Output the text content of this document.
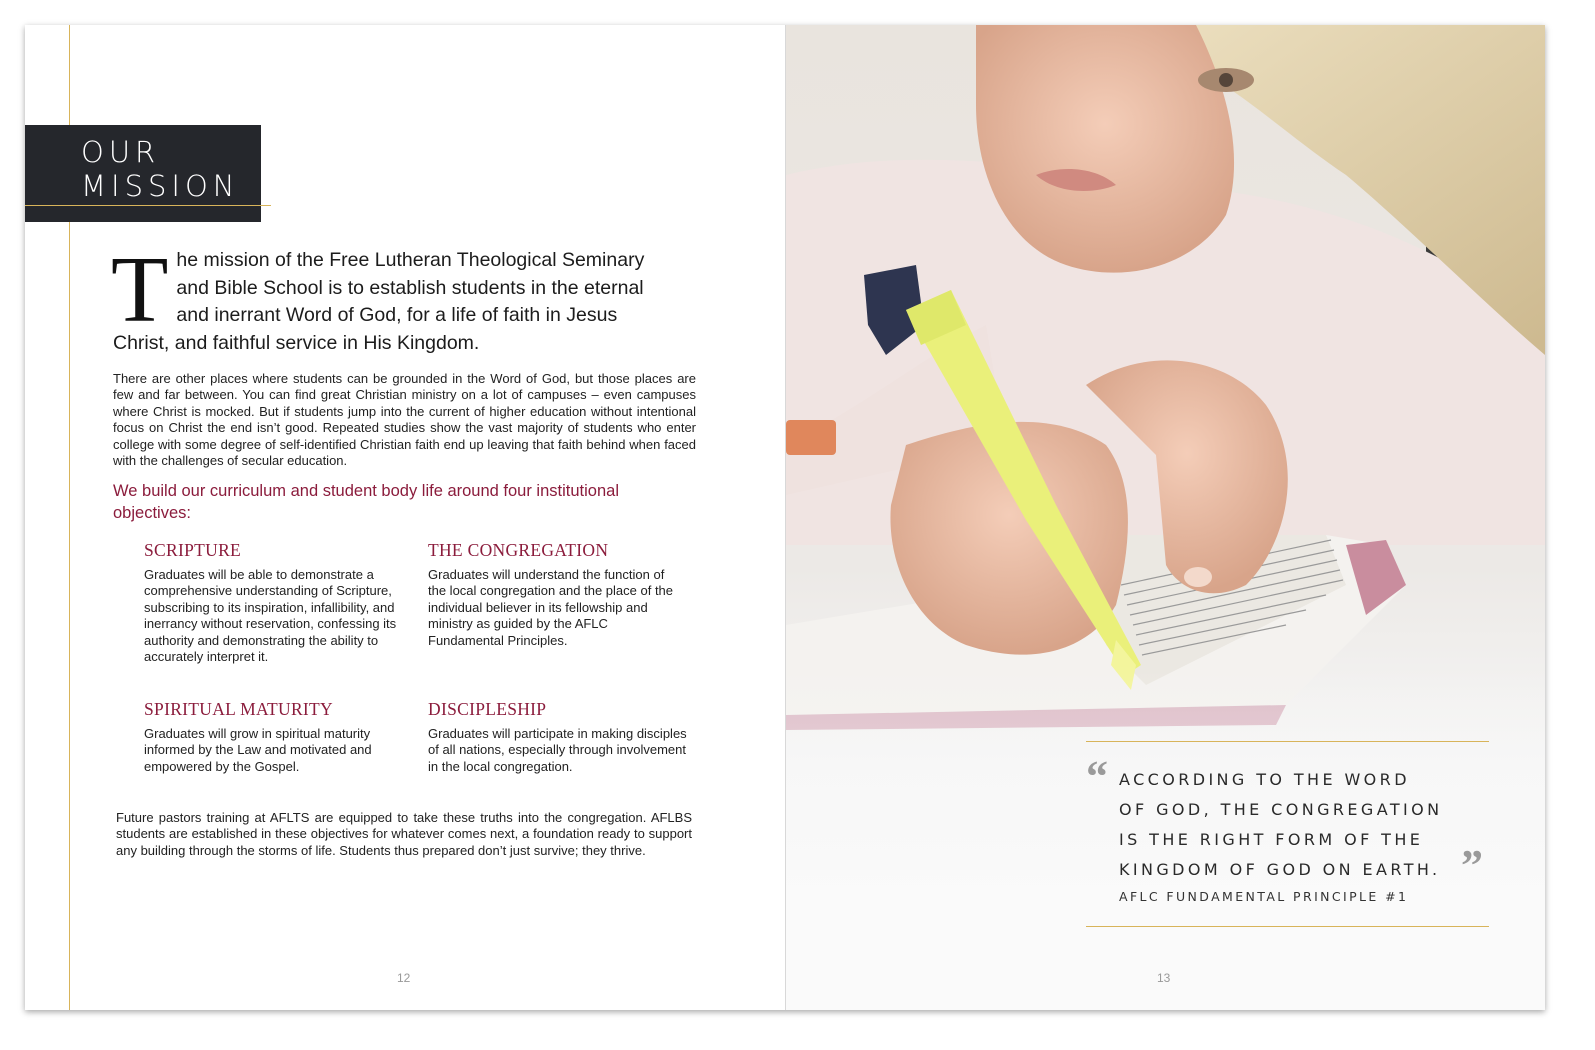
OUR
MISSION
The mission of the Free Lutheran Theological Seminary and Bible School is to establish students in the eternal and inerrant Word of God, for a life of faith in Jesus Christ, and faithful service in His Kingdom.

There are other places where students can be grounded in the Word of God, but those places are few and far between. You can find great Christian ministry on a lot of campuses – even campuses where Christ is mocked. But if students jump into the current of higher education without intentional focus on Christ the end isn’t good. Repeated studies show the vast majority of students who enter college with some degree of self-identified Christian faith end up leaving that faith behind when faced with the challenges of secular education.

We build our curriculum and student body life around four institutional objectives:
SCRIPTURE
Graduates will be able to demonstrate a comprehensive understanding of Scripture, subscribing to its inspiration, infallibility, and inerrancy without reservation, confessing its authority and demonstrating the ability to accurately interpret it.
THE CONGREGATION
Graduates will understand the function of the local congregation and the place of the individual believer in its fellowship and ministry as guided by the AFLC Fundamental Principles.
SPIRITUAL MATURITY
Graduates will grow in spiritual maturity informed by the Law and motivated and empowered by the Gospel.
DISCIPLESHIP
Graduates will participate in making disciples of all nations, especially through involvement in the local congregation.

Future pastors training at AFLTS are equipped to take these truths into the congregation. AFLBS students are established in these objectives for whatever comes next, a foundation ready to support any building through the storms of life. Students thus prepared don’t just survive; they thrive.

12
“ ACCORDING TO THE WORD
OF GOD, THE CONGREGATION
IS THE RIGHT FORM OF THE
KINGDOM OF GOD ON EARTH. ”
AFLC FUNDAMENTAL PRINCIPLE #1
13
